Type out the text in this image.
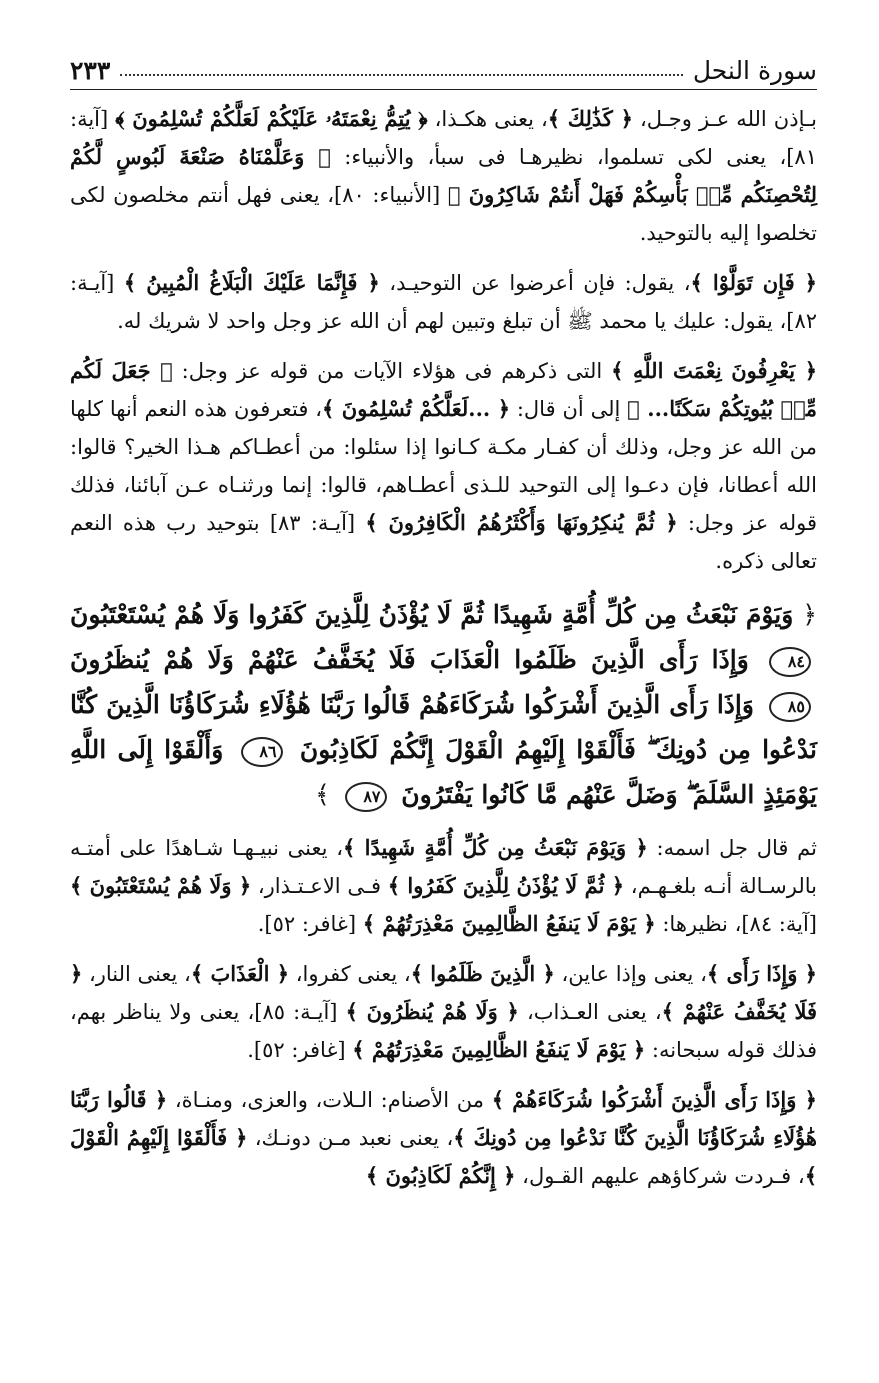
سورة النحل
٢٣٣

بـإذن الله عـز وجـل، ﴿ كَذَٰلِكَ ﴾، يعنى هكـذا، ﴿ يُتِمُّ نِعْمَتَهُۥ عَلَيْكُمْ لَعَلَّكُمْ تُسْلِمُونَ ﴾ [آية: ٨١]، يعنى لكى تسلموا، نظيرهـا فى سبأ، والأنبياء: ﴿ وَعَلَّمْنَاهُ صَنْعَةَ لَبُوسٍ لَّكُمْ لِتُحْصِنَكُم مِّنۢ بَأْسِكُمْ فَهَلْ أَنتُمْ شَاكِرُونَ ﴾ [الأنبياء: ٨٠]، يعنى فهل أنتم مخلصون لكى تخلصوا إليه بالتوحيد.

﴿ فَإِن تَوَلَّوْا ﴾، يقول: فإن أعرضوا عن التوحيـد، ﴿ فَإِنَّمَا عَلَيْكَ الْبَلَاغُ الْمُبِينُ ﴾ [آيـة: ٨٢]، يقول: عليك يا محمد ﷺ أن تبلغ وتبين لهم أن الله عز وجل واحد لا شريك له.

﴿ يَعْرِفُونَ نِعْمَتَ اللَّهِ ﴾ التى ذكرهم فى هؤلاء الآيات من قوله عز وجل: ﴿ جَعَلَ لَكُم مِّنۢ بُيُوتِكُمْ سَكَنًا... ﴾ إلى أن قال: ﴿ ...لَعَلَّكُمْ تُسْلِمُونَ ﴾، فتعرفون هذه النعم أنها كلها من الله عز وجل، وذلك أن كفـار مكـة كـانوا إذا سئلوا: من أعطـاكم هـذا الخير؟ قالوا: الله أعطانا، فإن دعـوا إلى التوحيد للـذى أعطـاهم، قالوا: إنما ورثنـاه عـن آبائنا، فذلك قوله عز وجل: ﴿ ثُمَّ يُنكِرُونَهَا وَأَكْثَرُهُمُ الْكَافِرُونَ ﴾ [آيـة: ٨٣] بتوحيد رب هذه النعم تعالى ذكره.

﴿ وَيَوْمَ نَبْعَثُ مِن كُلِّ أُمَّةٍ شَهِيدًا ثُمَّ لَا يُؤْذَنُ لِلَّذِينَ كَفَرُوا وَلَا هُمْ يُسْتَعْتَبُونَ ٨٤ وَإِذَا رَأَى الَّذِينَ ظَلَمُوا الْعَذَابَ فَلَا يُخَفَّفُ عَنْهُمْ وَلَا هُمْ يُنظَرُونَ ٨٥ وَإِذَا رَأَى الَّذِينَ أَشْرَكُوا شُرَكَاءَهُمْ قَالُوا رَبَّنَا هَٰؤُلَاءِ شُرَكَاؤُنَا الَّذِينَ كُنَّا نَدْعُوا مِن دُونِكَ ۖ فَأَلْقَوْا إِلَيْهِمُ الْقَوْلَ إِنَّكُمْ لَكَاذِبُونَ ٨٦ وَأَلْقَوْا إِلَى اللَّهِ يَوْمَئِذٍ السَّلَمَ ۖ وَضَلَّ عَنْهُم مَّا كَانُوا يَفْتَرُونَ ٨٧ ﴾

ثم قال جل اسمه: ﴿ وَيَوْمَ نَبْعَثُ مِن كُلِّ أُمَّةٍ شَهِيدًا ﴾، يعنى نبيـهـا شـاهدًا على أمتـه بالرسـالة أنـه بلغـهـم، ﴿ ثُمَّ لَا يُؤْذَنُ لِلَّذِينَ كَفَرُوا ﴾ فـى الاعـتـذار، ﴿ وَلَا هُمْ يُسْتَعْتَبُونَ ﴾ [آية: ٨٤]، نظيرها: ﴿ يَوْمَ لَا يَنفَعُ الظَّالِمِينَ مَعْذِرَتُهُمْ ﴾ [غافر: ٥٢].

﴿ وَإِذَا رَأَى ﴾، يعنى وإذا عاين، ﴿ الَّذِينَ ظَلَمُوا ﴾، يعنى كفروا، ﴿ الْعَذَابَ ﴾، يعنى النار، ﴿ فَلَا يُخَفَّفُ عَنْهُمْ ﴾، يعنى العـذاب، ﴿ وَلَا هُمْ يُنظَرُونَ ﴾ [آيـة: ٨٥]، يعنى ولا يناظر بهم، فذلك قوله سبحانه: ﴿ يَوْمَ لَا يَنفَعُ الظَّالِمِينَ مَعْذِرَتُهُمْ ﴾ [غافر: ٥٢].

﴿ وَإِذَا رَأَى الَّذِينَ أَشْرَكُوا شُرَكَاءَهُمْ ﴾ من الأصنام: الـلات، والعزى، ومنـاة، ﴿ قَالُوا رَبَّنَا هَٰؤُلَاءِ شُرَكَاؤُنَا الَّذِينَ كُنَّا نَدْعُوا مِن دُونِكَ ﴾، يعنى نعبد مـن دونـك، ﴿ فَأَلْقَوْا إِلَيْهِمُ الْقَوْلَ ﴾، فـردت شركاؤهم عليهم القـول، ﴿ إِنَّكُمْ لَكَاذِبُونَ ﴾
